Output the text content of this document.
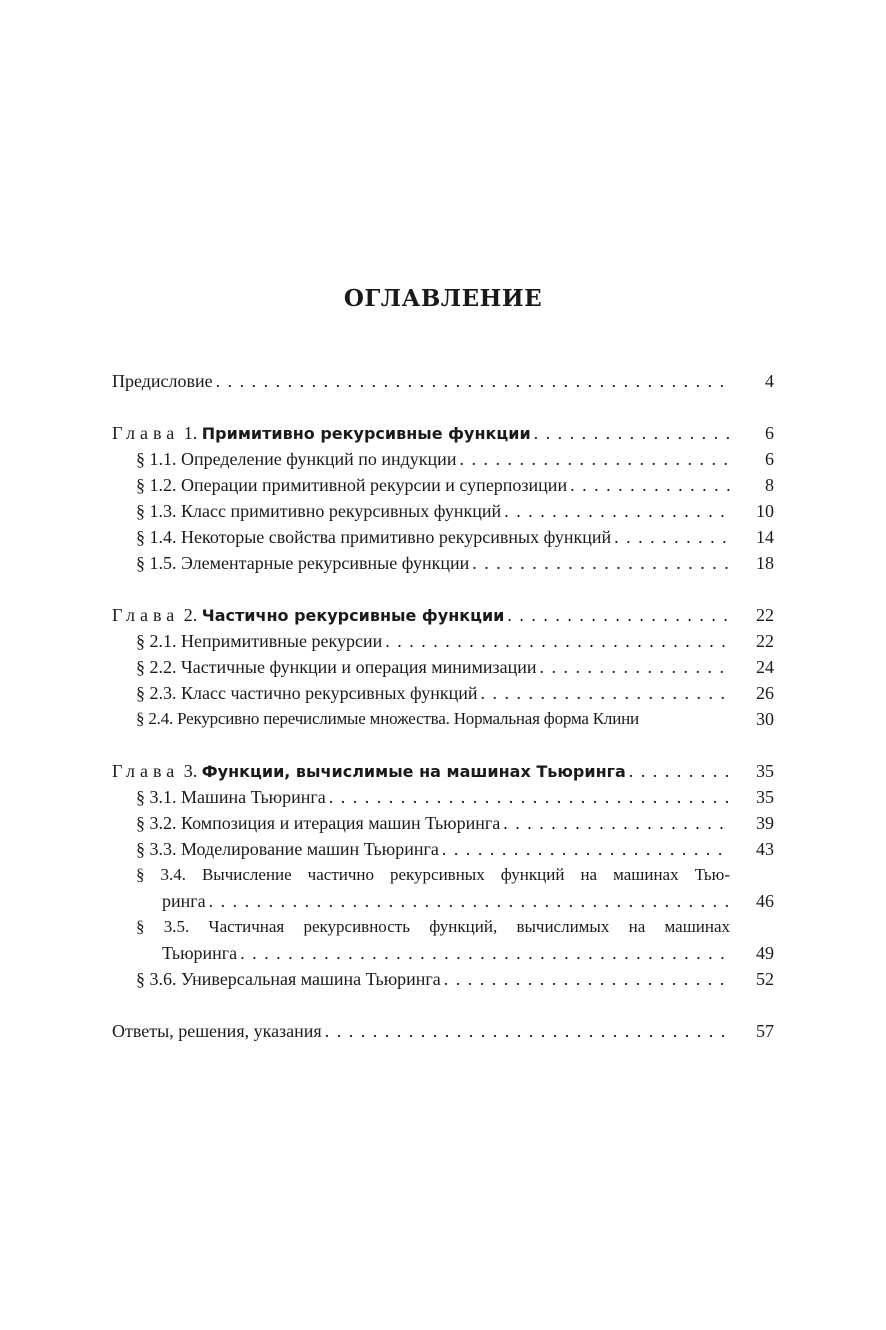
ОГЛАВЛЕНИЕ
Предисловие . . .	4
Глава 1. Примитивно рекурсивные функции . . .	6
§ 1.1. Определение функций по индукции . . .	6
§ 1.2. Операции примитивной рекурсии и суперпозиции . . .	8
§ 1.3. Класс примитивно рекурсивных функций . . .	10
§ 1.4. Некоторые свойства примитивно рекурсивных функций . . .	14
§ 1.5. Элементарные рекурсивные функции . . .	18
Глава 2. Частично рекурсивные функции . . .	22
§ 2.1. Непримитивные рекурсии . . .	22
§ 2.2. Частичные функции и операция минимизации . . .	24
§ 2.3. Класс частично рекурсивных функций . . .	26
§ 2.4. Рекурсивно перечислимые множества. Нормальная форма Клини	30
Глава 3. Функции, вычислимые на машинах Тьюринга . . .	35
§ 3.1. Машина Тьюринга . . .	35
§ 3.2. Композиция и итерация машин Тьюринга . . .	39
§ 3.3. Моделирование машин Тьюринга . . .	43
§ 3.4. Вычисление частично рекурсивных функций на машинах Тью-
ринга . . .	46
§ 3.5. Частичная рекурсивность функций, вычислимых на машинах
Тьюринга . . .	49
§ 3.6. Универсальная машина Тьюринга . . .	52
Ответы, решения, указания . . .	57
